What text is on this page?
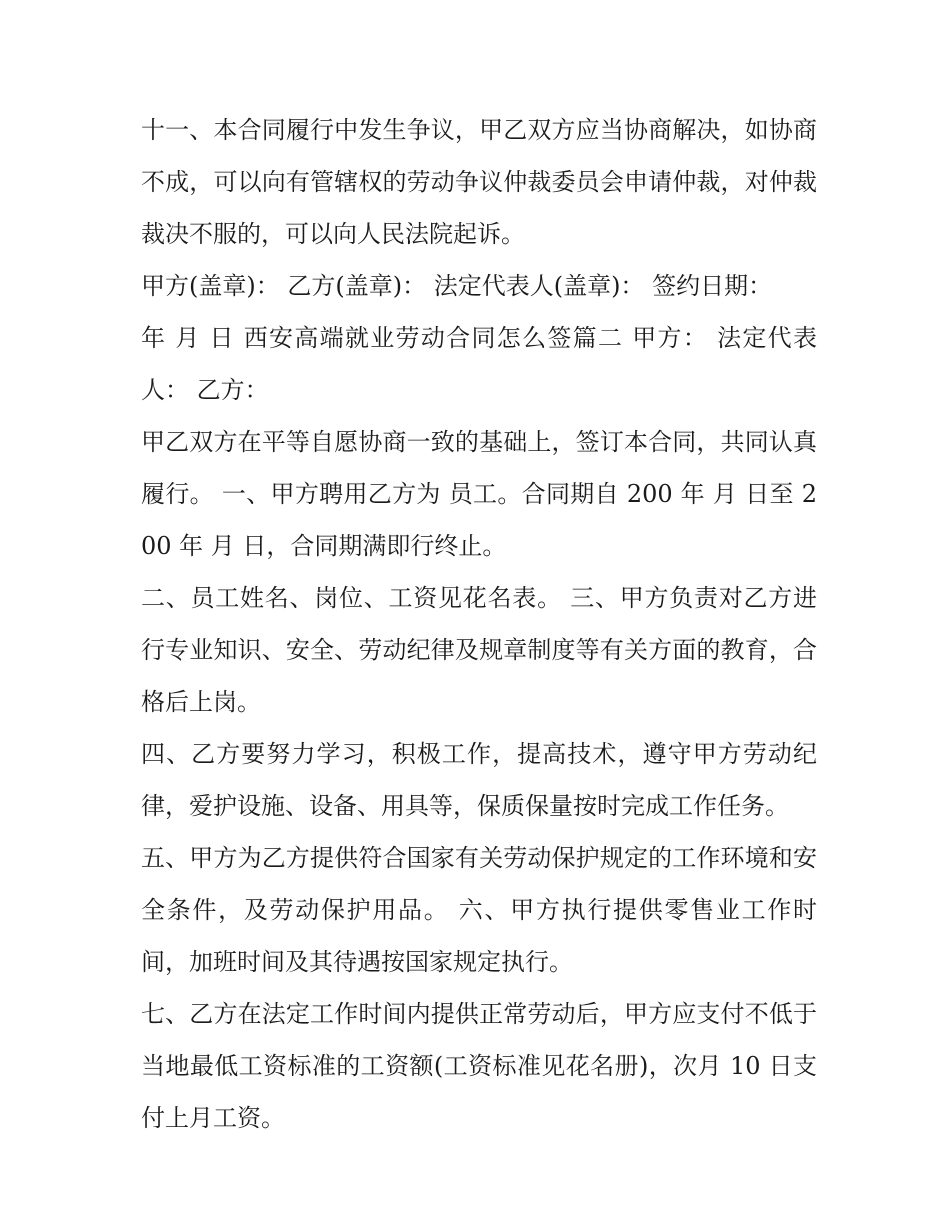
十一、本合同履行中发生争议，甲乙双方应当协商解决，如协商不成，可以向有管辖权的劳动争议仲裁委员会申请仲裁，对仲裁裁决不服的，可以向人民法院起诉。

甲方(盖章)： 乙方(盖章)： 法定代表人(盖章)： 签约日期：

年 月 日 西安高端就业劳动合同怎么签篇二 甲方： 法定代表人： 乙方：

甲乙双方在平等自愿协商一致的基础上，签订本合同，共同认真履行。 一、甲方聘用乙方为 员工。合同期自 200 年 月 日至 200 年 月 日，合同期满即行终止。

二、员工姓名、岗位、工资见花名表。 三、甲方负责对乙方进行专业知识、安全、劳动纪律及规章制度等有关方面的教育，合格后上岗。

四、乙方要努力学习，积极工作，提高技术，遵守甲方劳动纪律，爱护设施、设备、用具等，保质保量按时完成工作任务。

五、甲方为乙方提供符合国家有关劳动保护规定的工作环境和安全条件，及劳动保护用品。 六、甲方执行提供零售业工作时间，加班时间及其待遇按国家规定执行。

七、乙方在法定工作时间内提供正常劳动后，甲方应支付不低于当地最低工资标准的工资额(工资标准见花名册)，次月 10 日支付上月工资。
